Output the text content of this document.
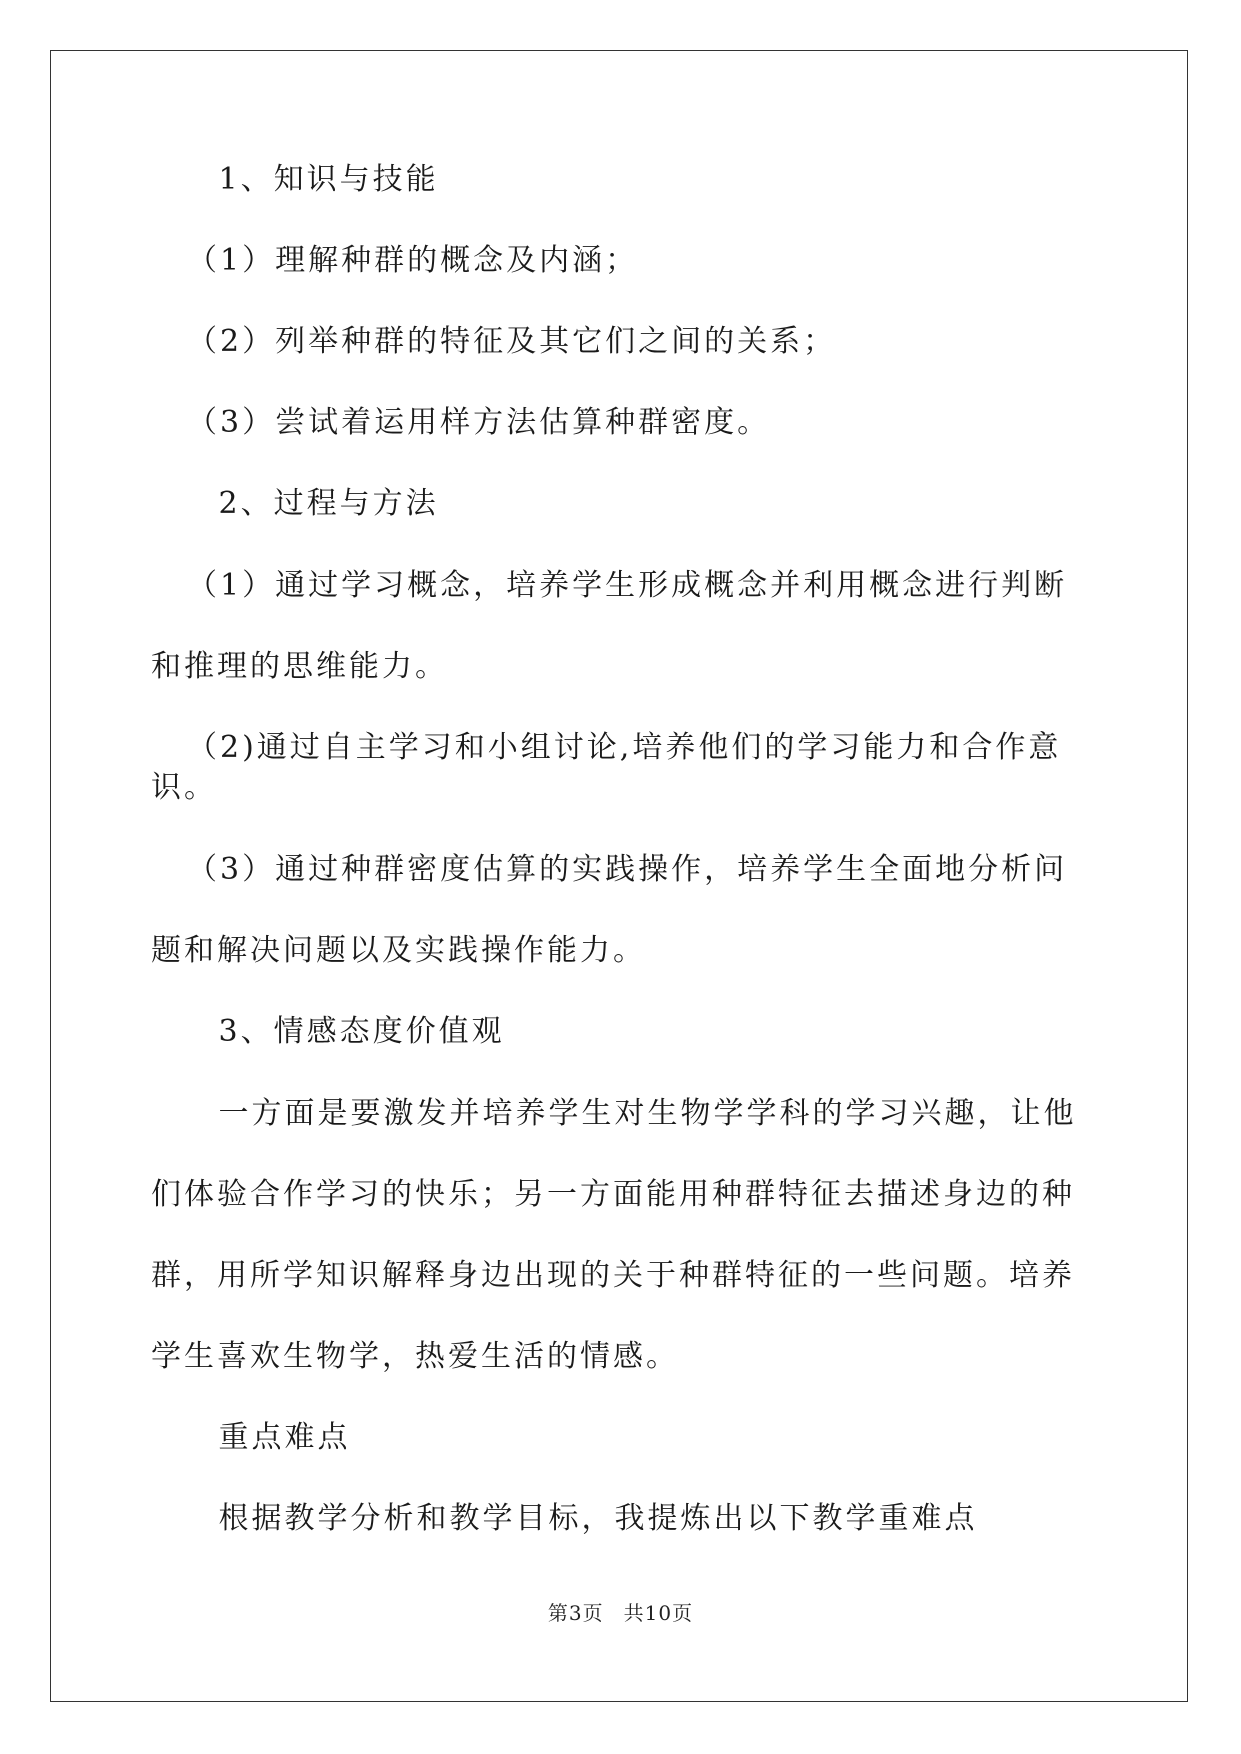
1、知识与技能

（1）理解种群的概念及内涵；

（2）列举种群的特征及其它们之间的关系；

（3）尝试着运用样方法估算种群密度。

2、过程与方法

（1）通过学习概念，培养学生形成概念并利用概念进行判断和推理的思维能力。

（2)通过自主学习和小组讨论,培养他们的学习能力和合作意识。

（3）通过种群密度估算的实践操作，培养学生全面地分析问题和解决问题以及实践操作能力。

3、情感态度价值观

一方面是要激发并培养学生对生物学学科的学习兴趣，让他们体验合作学习的快乐；另一方面能用种群特征去描述身边的种群，用所学知识解释身边出现的关于种群特征的一些问题。培养学生喜欢生物学，热爱生活的情感。

重点难点

根据教学分析和教学目标，我提炼出以下教学重难点

第3页 共10页
